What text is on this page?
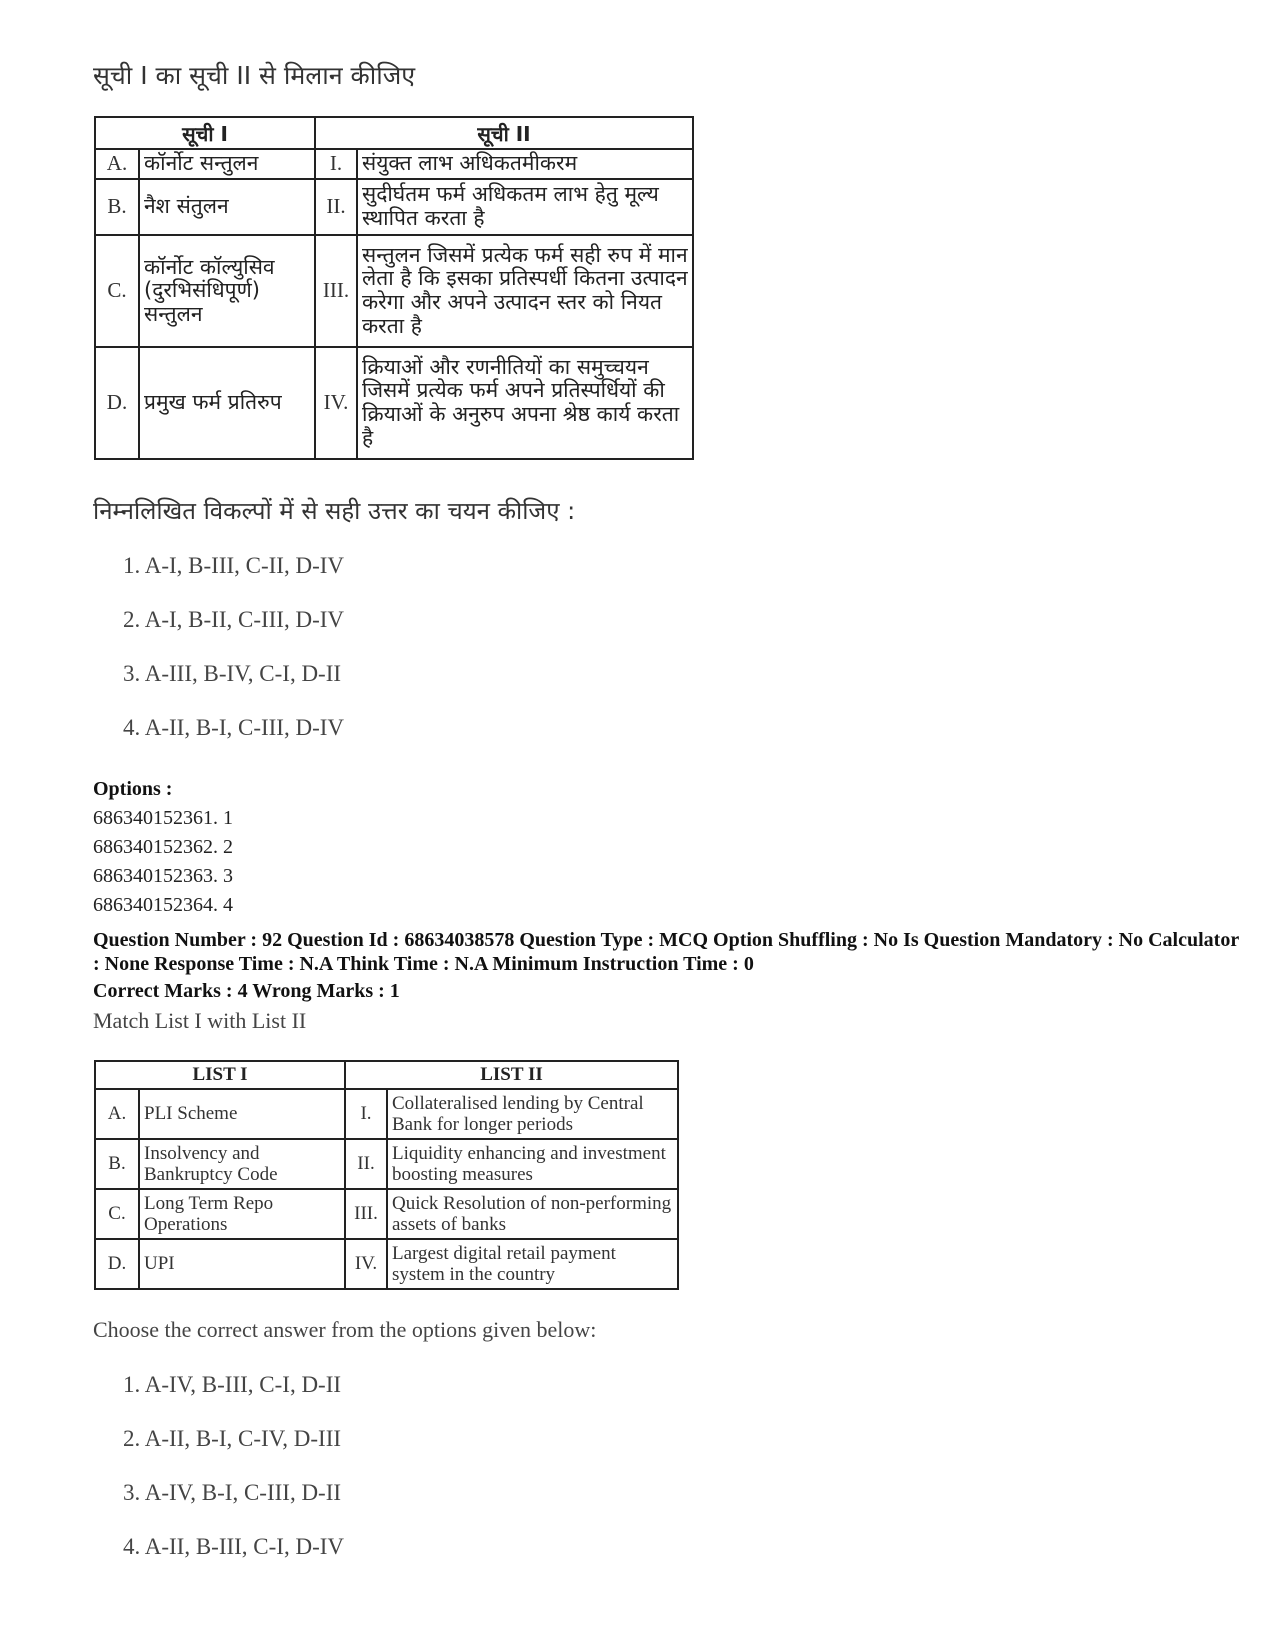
सूची I का सूची II से मिलान कीजिए
सूची I		सूची II	
A.	कॉर्नोट सन्तुलन	I.	संयुक्त लाभ अधिकतमीकरम
B.	नैश संतुलन	II.	सुदीर्घतम फर्म अधिकतम लाभ हेतु मूल्य स्थापित करता है
C.	कॉर्नोट कॉल्युसिव (दुरभिसंधिपूर्ण) सन्तुलन	III.	सन्तुलन जिसमें प्रत्येक फर्म सही रुप में मान लेता है कि इसका प्रतिस्पर्धी कितना उत्पादन करेगा और अपने उत्पादन स्तर को नियत करता है
D.	प्रमुख फर्म प्रतिरुप	IV.	क्रियाओं और रणनीतियों का समुच्चयन जिसमें प्रत्येक फर्म अपने प्रतिस्पर्धियों की क्रियाओं के अनुरुप अपना श्रेष्ठ कार्य करता है
निम्नलिखित विकल्पों में से सही उत्तर का चयन कीजिए :
1. A-I, B-III, C-II, D-IV
2. A-I, B-II, C-III, D-IV
3. A-III, B-IV, C-I, D-II
4. A-II, B-I, C-III, D-IV
Options :
686340152361. 1
686340152362. 2
686340152363. 3
686340152364. 4
Question Number : 92 Question Id : 68634038578 Question Type : MCQ Option Shuffling : No Is Question Mandatory : No Calculator : None Response Time : N.A Think Time : N.A Minimum Instruction Time : 0
Correct Marks : 4 Wrong Marks : 1
Match List I with List II
LIST I		LIST II	
A.	PLI Scheme	I.	Collateralised lending by Central Bank for longer periods
B.	Insolvency and Bankruptcy Code	II.	Liquidity enhancing and investment boosting measures
C.	Long Term Repo Operations	III.	Quick Resolution of non-performing assets of banks
D.	UPI	IV.	Largest digital retail payment system in the country
Choose the correct answer from the options given below:
1. A-IV, B-III, C-I, D-II
2. A-II, B-I, C-IV, D-III
3. A-IV, B-I, C-III, D-II
4. A-II, B-III, C-I, D-IV
